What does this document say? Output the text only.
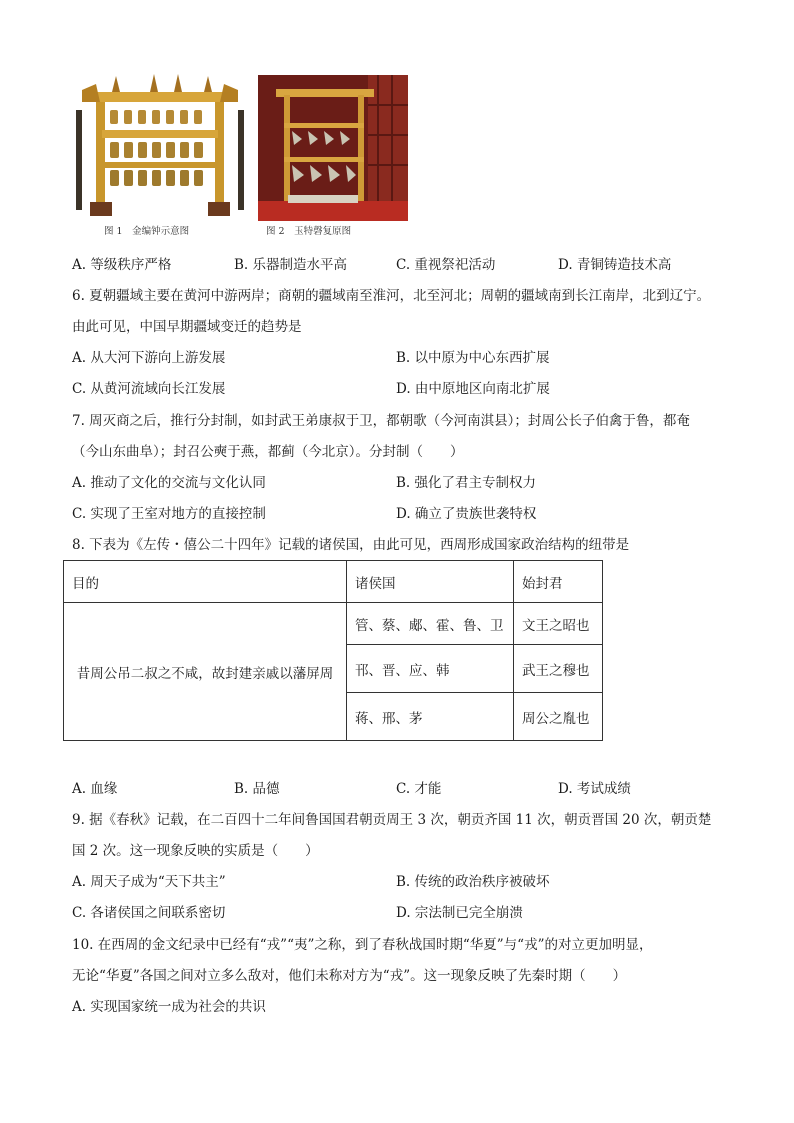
图 1　金编钟示意图	图 2　玉特磬复原图
A. 等级秩序严格	B. 乐器制造水平高	C. 重视祭祀活动	D. 青铜铸造技术高
6. 夏朝疆域主要在黄河中游两岸；商朝的疆域南至淮河，北至河北；周朝的疆域南到长江南岸，北到辽宁。
由此可见，中国早期疆域变迁的趋势是
A. 从大河下游向上游发展	B. 以中原为中心东西扩展
C. 从黄河流域向长江发展	D. 由中原地区向南北扩展
7. 周灭商之后，推行分封制，如封武王弟康叔于卫，都朝歌（今河南淇县）；封周公长子伯禽于鲁，都奄
（今山东曲阜）；封召公奭于燕，都蓟（今北京）。分封制（　　）
A. 推动了文化的交流与文化认同	B. 强化了君主专制权力
C. 实现了王室对地方的直接控制	D. 确立了贵族世袭特权
8. 下表为《左传・僖公二十四年》记载的诸侯国，由此可见，西周形成国家政治结构的纽带是
目的	诸侯国	始封君
昔周公吊二叔之不咸，故封建亲戚以藩屏周	管、蔡、郕、霍、鲁、卫	文王之昭也
	邗、晋、应、韩	武王之穆也
	蒋、邢、茅	周公之胤也
A. 血缘	B. 品德	C. 才能	D. 考试成绩
9. 据《春秋》记载，在二百四十二年间鲁国国君朝贡周王 3 次，朝贡齐国 11 次，朝贡晋国 20 次，朝贡楚
国 2 次。这一现象反映的实质是（　　）
A. 周天子成为“天下共主”	B. 传统的政治秩序被破坏
C. 各诸侯国之间联系密切	D. 宗法制已完全崩溃
10. 在西周的金文纪录中已经有“戎”“夷”之称，到了春秋战国时期“华夏”与“戎”的对立更加明显，
无论“华夏”各国之间对立多么敌对，他们未称对方为“戎”。这一现象反映了先秦时期（　　）
A. 实现国家统一成为社会的共识
